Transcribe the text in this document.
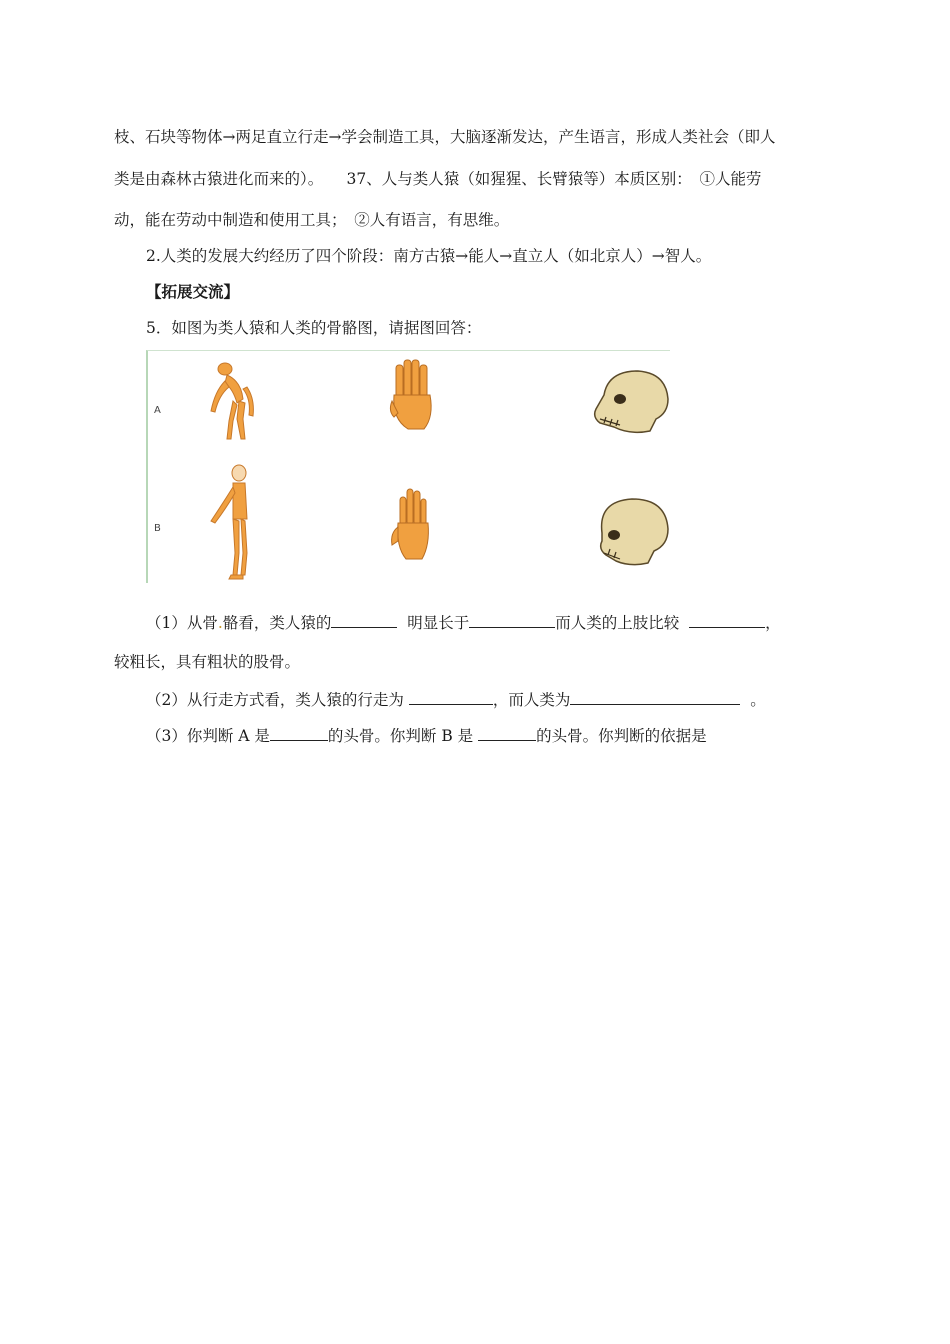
枝、石块等物体→两足直立行走→学会制造工具，大脑逐渐发达，产生语言，形成人类社会（即人
类是由森林古猿进化而来的）。　　37、人与类人猿（如猩猩、长臂猿等）本质区别：　①人能劳
动，能在劳动中制造和使用工具；　②人有语言，有思维。
2.人类的发展大约经历了四个阶段：南方古猿→能人→直立人（如北京人）→智人。
【拓展交流】
5．如图为类人猿和人类的骨骼图，请据图回答：
A
B
（1）从骨.骼看，类人猿的	明显长于	而人类的上肢比较	，
较粗长，具有粗状的股骨。
（2）从行走方式看，类人猿的行走为	，而人类为	。
（3）你判断 A 是	的头骨。你判断 B 是	的头骨。你判断的依据是
